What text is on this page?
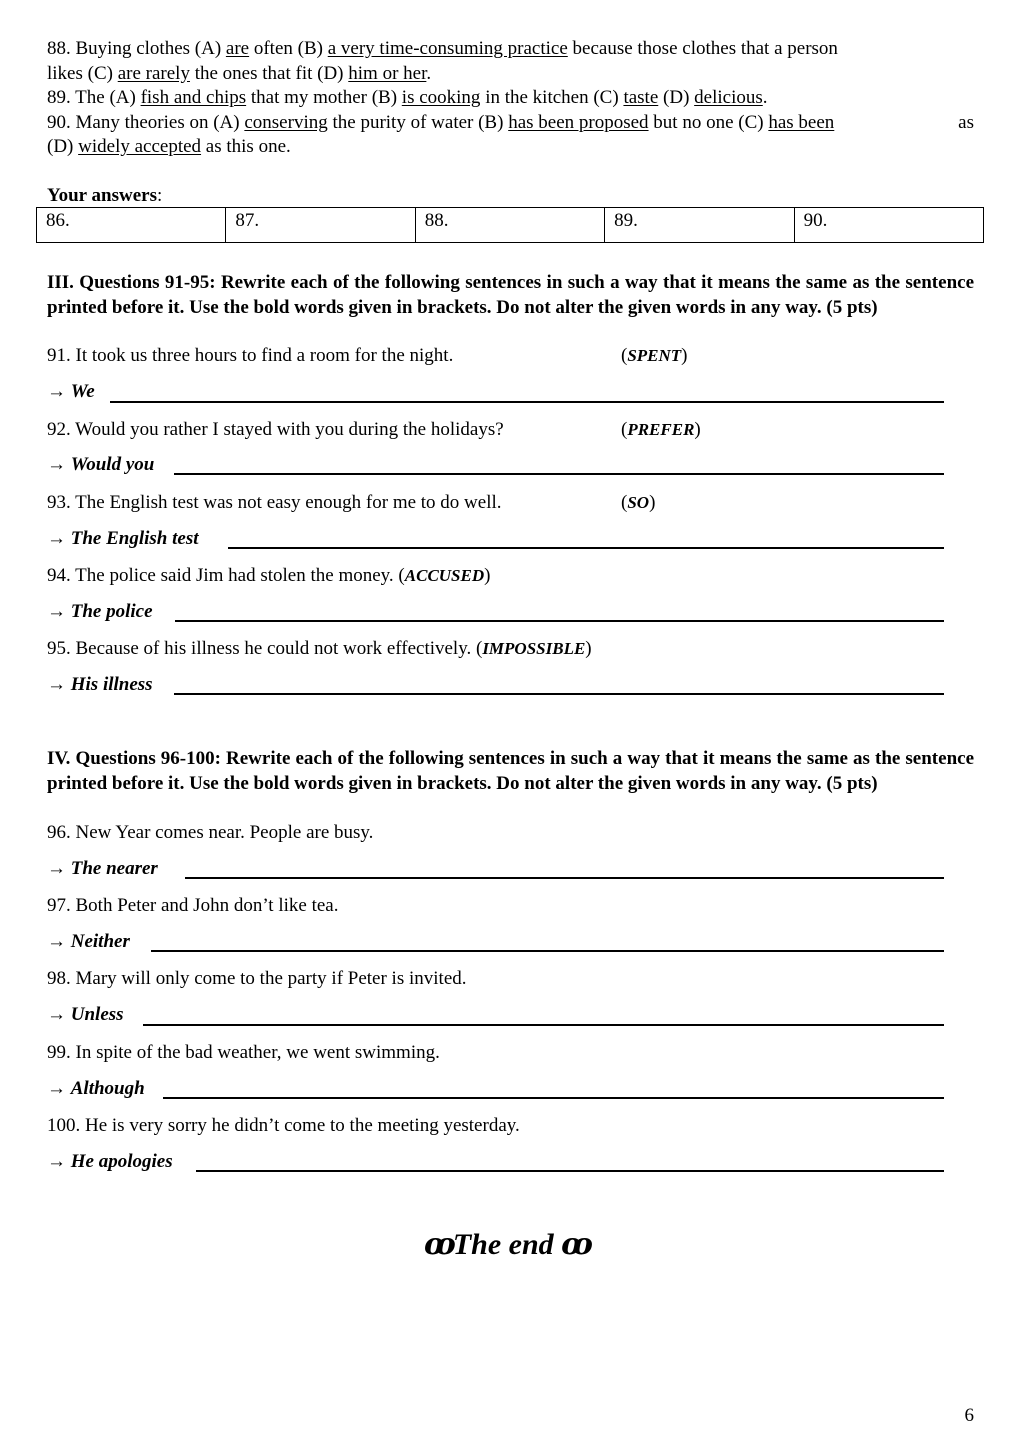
88. Buying clothes (A) are often (B) a very time-consuming practice because those clothes that a person
likes (C) are rarely the ones that fit (D) him or her.
89. The (A) fish and chips that my mother (B) is cooking in the kitchen (C) taste (D) delicious.
90. Many theories on (A) conserving the purity of water (B) has been proposed but no one (C) has been	as
(D) widely accepted as this one.
Your answers:
86.	87.	88.	89.	90.
III. Questions 91-95: Rewrite each of the following sentences in such a way that it means the same as the sentence printed before it. Use the bold words given in brackets. Do not alter the given words in any way. (5 pts)
91. It took us three hours to find a room for the night.	(SPENT)
→ We
92. Would you rather I stayed with you during the holidays?	(PREFER)
→ Would you
93. The English test was not easy enough for me to do well.	(SO)
→ The English test
94. The police said Jim had stolen the money. (ACCUSED)
→ The police
95. Because of his illness he could not work effectively. (IMPOSSIBLE)
→ His illness
IV. Questions 96-100: Rewrite each of the following sentences in such a way that it means the same as the sentence printed before it. Use the bold words given in brackets. Do not alter the given words in any way. (5 pts)
96. New Year comes near. People are busy.
→ The nearer
97. Both Peter and John don’t like tea.
→ Neither
98. Mary will only come to the party if Peter is invited.
→ Unless
99. In spite of the bad weather, we went swimming.
→ Although
100. He is very sorry he didn’t come to the meeting yesterday.
→ He apologies
ꝏThe end ꝏ
6
